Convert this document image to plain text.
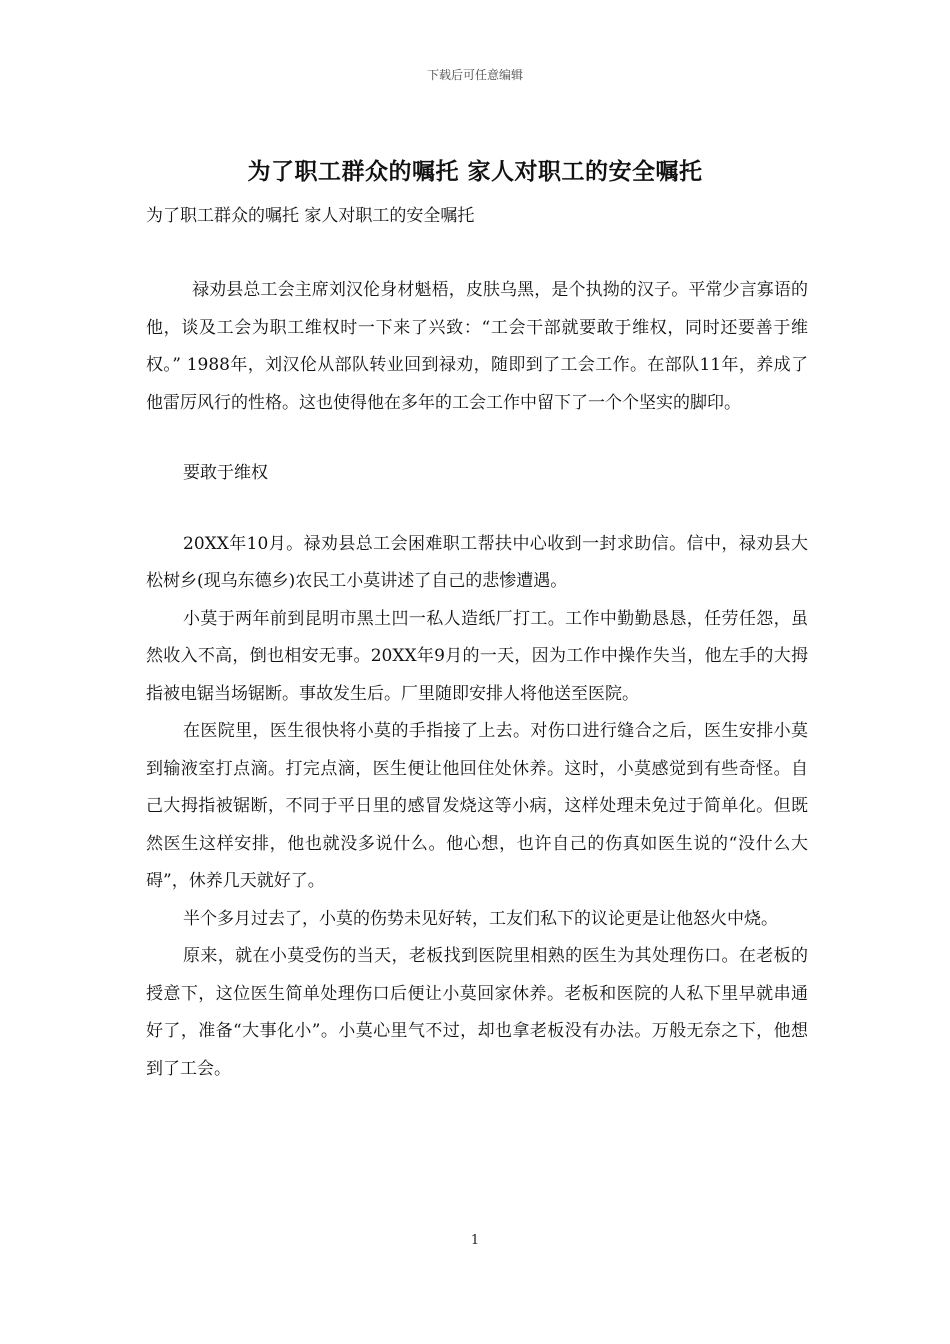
下载后可任意编辑
为了职工群众的嘱托 家人对职工的安全嘱托
为了职工群众的嘱托 家人对职工的安全嘱托

禄劝县总工会主席刘汉伦身材魁梧，皮肤乌黑，是个执拗的汉子。平常少言寡语的他，谈及工会为职工维权时一下来了兴致：“工会干部就要敢于维权，同时还要善于维权。” 1988年，刘汉伦从部队转业回到禄劝，随即到了工会工作。在部队11年，养成了他雷厉风行的性格。这也使得他在多年的工会工作中留下了一个个坚实的脚印。

要敢于维权

20XX年10月。禄劝县总工会困难职工帮扶中心收到一封求助信。信中，禄劝县大松树乡(现乌东德乡)农民工小莫讲述了自己的悲惨遭遇。

小莫于两年前到昆明市黑土凹一私人造纸厂打工。工作中勤勤恳恳，任劳任怨，虽然收入不高，倒也相安无事。20XX年9月的一天，因为工作中操作失当，他左手的大拇指被电锯当场锯断。事故发生后。厂里随即安排人将他送至医院。

在医院里，医生很快将小莫的手指接了上去。对伤口进行缝合之后，医生安排小莫到输液室打点滴。打完点滴，医生便让他回住处休养。这时，小莫感觉到有些奇怪。自己大拇指被锯断，不同于平日里的感冒发烧这等小病，这样处理未免过于简单化。但既然医生这样安排，他也就没多说什么。他心想，也许自己的伤真如医生说的“没什么大碍”，休养几天就好了。

半个多月过去了，小莫的伤势未见好转，工友们私下的议论更是让他怒火中烧。

原来，就在小莫受伤的当天，老板找到医院里相熟的医生为其处理伤口。在老板的授意下，这位医生简单处理伤口后便让小莫回家休养。老板和医院的人私下里早就串通好了，准备“大事化小”。小莫心里气不过，却也拿老板没有办法。万般无奈之下，他想到了工会。

1
